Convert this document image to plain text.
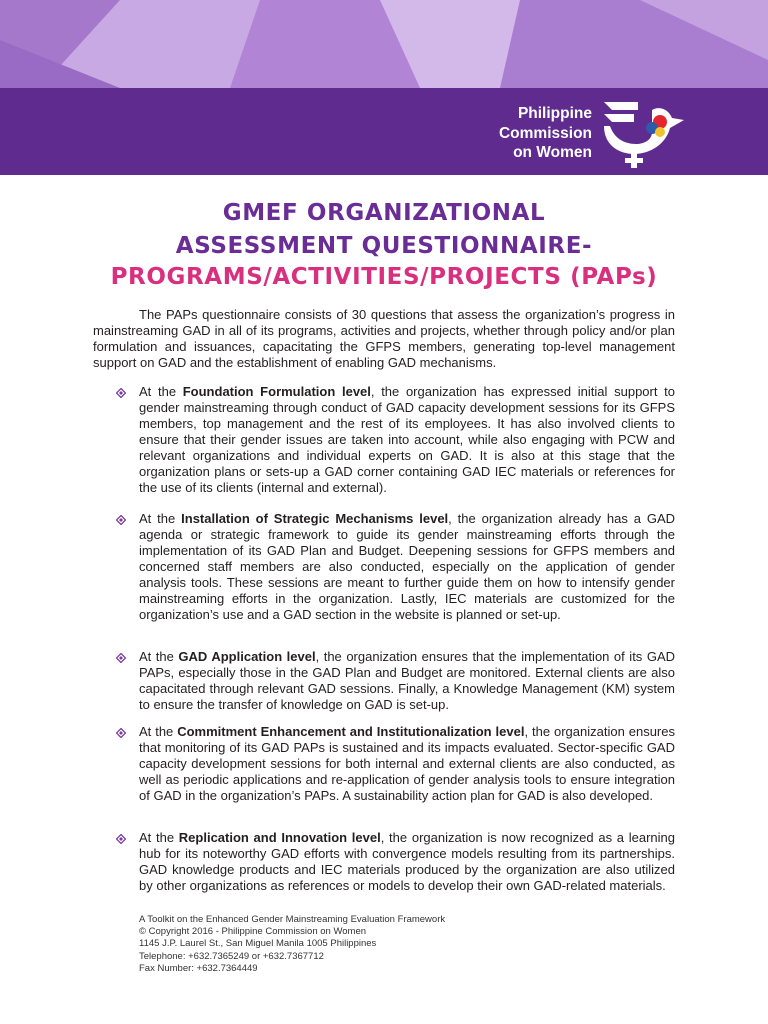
Philippine
Commission
on Women
GMEF ORGANIZATIONAL
ASSESSMENT QUESTIONNAIRE-
PROGRAMS/ACTIVITIES/PROJECTS (PAPs)

The PAPs questionnaire consists of 30 questions that assess the organization’s progress in mainstreaming GAD in all of its programs, activities and projects, whether through policy and/or plan formulation and issuances, capacitating the GFPS members, generating top-level management support on GAD and the establishment of enabling GAD mechanisms.

At the Foundation Formulation level, the organization has expressed initial support to gender mainstreaming through conduct of GAD capacity development sessions for its GFPS members, top management and the rest of its employees. It has also involved clients to ensure that their gender issues are taken into account, while also engaging with PCW and relevant organizations and individual experts on GAD. It is also at this stage that the organization plans or sets-up a GAD corner containing GAD IEC materials or references for the use of its clients (internal and external).

At the Installation of Strategic Mechanisms level, the organization already has a GAD agenda or strategic framework to guide its gender mainstreaming efforts through the implementation of its GAD Plan and Budget. Deepening sessions for GFPS members and concerned staff members are also conducted, especially on the application of gender analysis tools. These sessions are meant to further guide them on how to intensify gender mainstreaming efforts in the organization. Lastly, IEC materials are customized for the organization’s use and a GAD section in the website is planned or set-up.

At the GAD Application level, the organization ensures that the implementation of its GAD PAPs, especially those in the GAD Plan and Budget are monitored. External clients are also capacitated through relevant GAD sessions. Finally, a Knowledge Management (KM) system to ensure the transfer of knowledge on GAD is set-up.

At the Commitment Enhancement and Institutionalization level, the organization ensures that monitoring of its GAD PAPs is sustained and its impacts evaluated. Sector-specific GAD capacity development sessions for both internal and external clients are also conducted, as well as periodic applications and re-application of gender analysis tools to ensure integration of GAD in the organization’s PAPs. A sustainability action plan for GAD is also developed.

At the Replication and Innovation level, the organization is now recognized as a learning hub for its noteworthy GAD efforts with convergence models resulting from its partnerships. GAD knowledge products and IEC materials produced by the organization are also utilized by other organizations as references or models to develop their own GAD-related materials.

A Toolkit on the Enhanced Gender Mainstreaming Evaluation Framework
© Copyright 2016 - Philippine Commission on Women
1145 J.P. Laurel St., San Miguel Manila 1005 Philippines
Telephone: +632.7365249 or +632.7367712
Fax Number: +632.7364449
